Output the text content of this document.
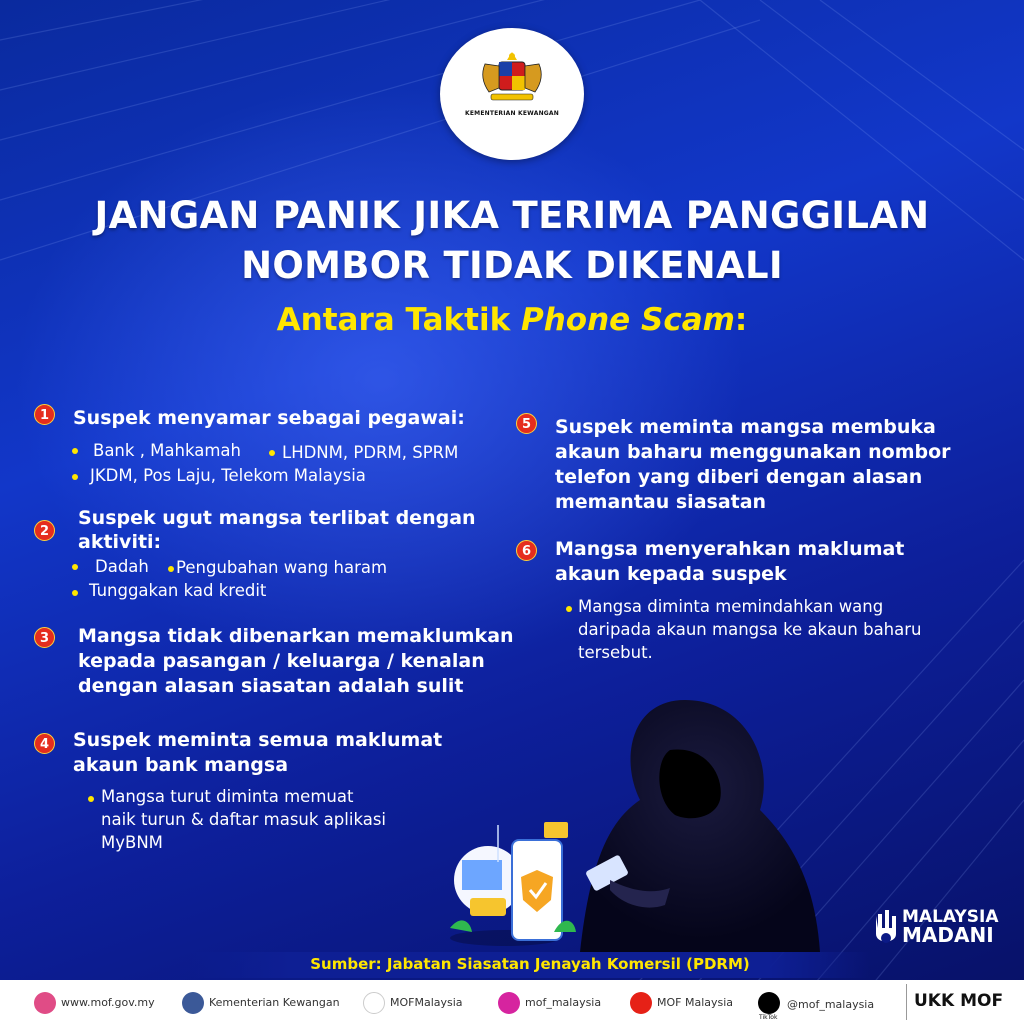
KEMENTERIAN KEWANGAN
JANGAN PANIK JIKA TERIMA PANGGILAN
NOMBOR TIDAK DIKENALI
Antara Taktik Phone Scam:
1	Suspek menyamar sebagai pegawai:
Bank , Mahkamah LHDNM, PDRM, SPRM
JKDM, Pos Laju, Telekom Malaysia
2
Suspek ugut mangsa terlibat dengan
aktiviti:
Dadah Pengubahan wang haram
Tunggakan kad kredit
3	Mangsa tidak dibenarkan memaklumkan
kepada pasangan / keluarga / kenalan
dengan alasan siasatan adalah sulit
4	Suspek meminta semua maklumat
akaun bank mangsa
Mangsa turut diminta memuat
naik turun & daftar masuk aplikasi
MyBNM
5	Suspek meminta mangsa membuka
akaun baharu menggunakan nombor
telefon yang diberi dengan alasan
memantau siasatan
6	Mangsa menyerahkan maklumat
akaun kepada suspek
Mangsa diminta memindahkan wang
daripada akaun mangsa ke akaun baharu
tersebut.
MALAYSIA
MADANI
Sumber: Jabatan Siasatan Jenayah Komersil (PDRM)
www.mof.gov.my	Kementerian Kewangan	MOFMalaysia	mof_malaysia	MOF Malaysia	@mof_malaysia
TikTok
UKK MOF
